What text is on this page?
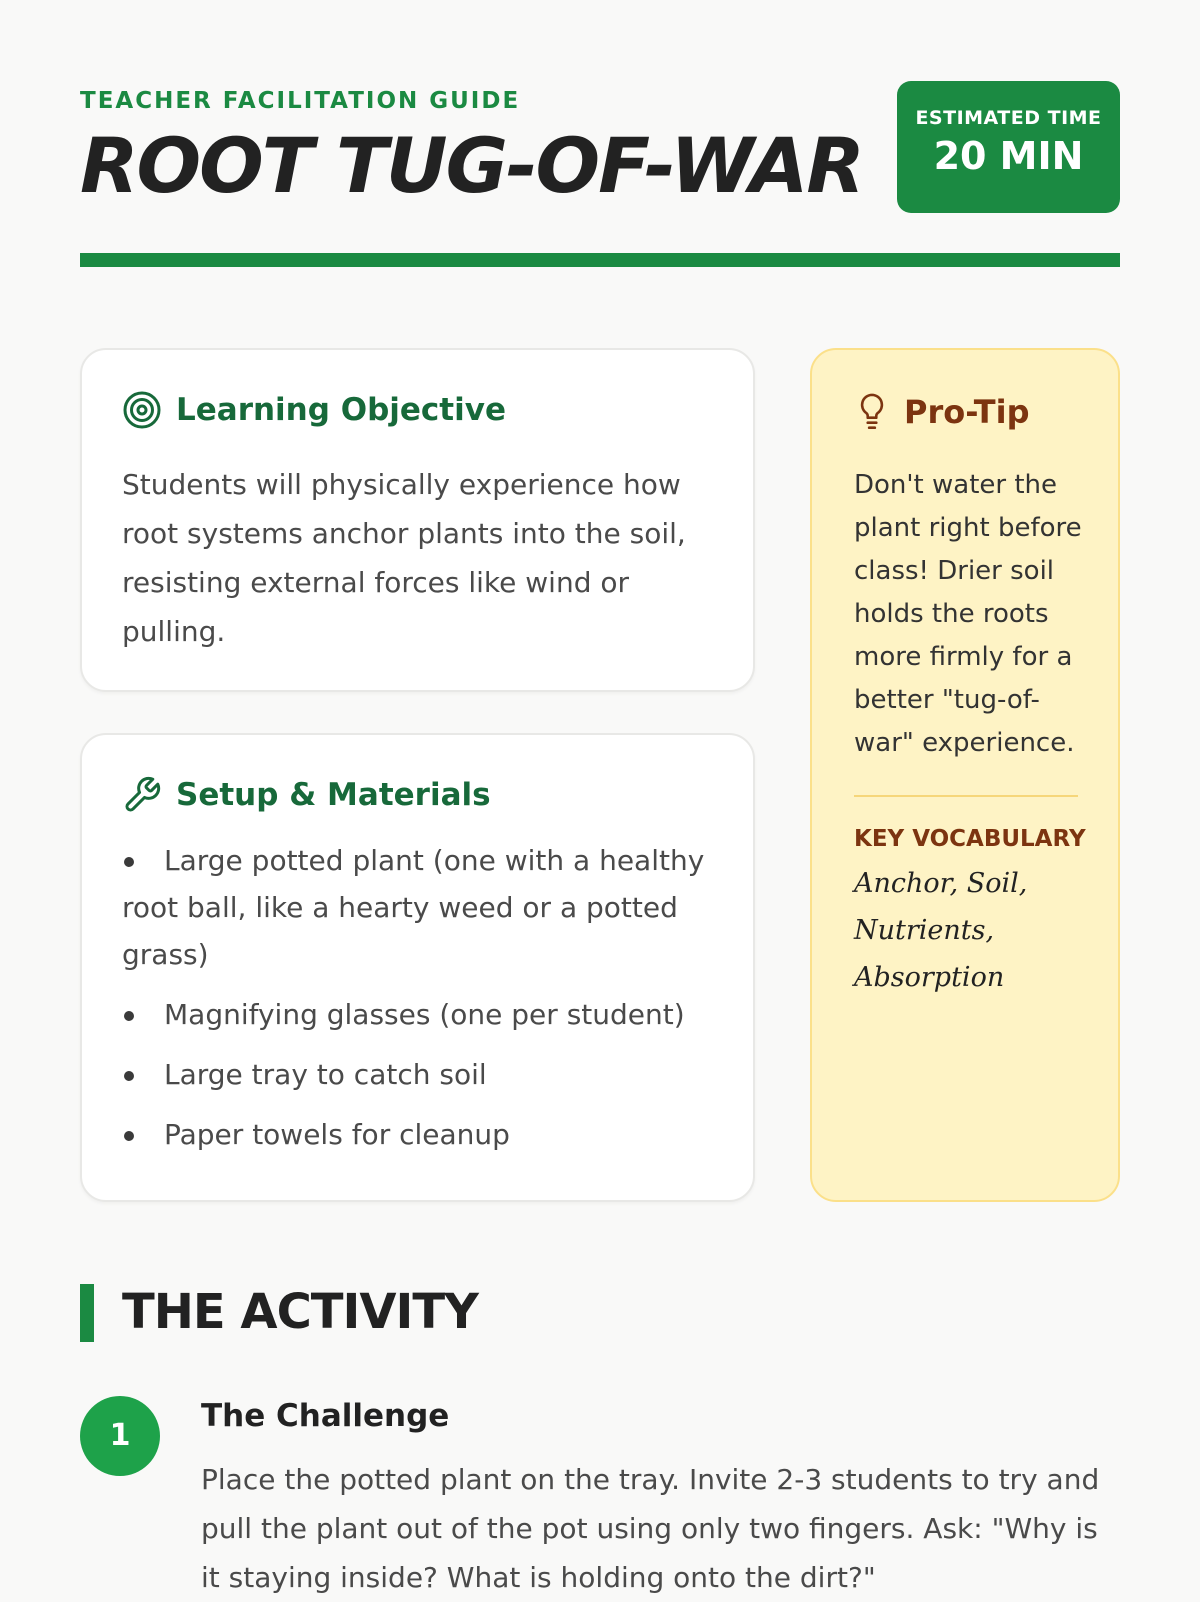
TEACHER FACILITATION GUIDE
ROOT TUG-OF-WAR
ESTIMATED TIME
20 MIN
Learning Objective

Students will physically experience how root systems anchor plants into the soil, resisting external forces like wind or pulling.

Setup & Materials
Large potted plant (one with a healthy root ball, like a hearty weed or a potted grass)
Magnifying glasses (one per student)
Large tray to catch soil
Paper towels for cleanup
Pro-Tip

Don't water the plant right before class! Drier soil holds the roots more firmly for a better "tug-of-war" experience.

KEY VOCABULARY

Anchor, Soil, Nutrients, Absorption

THE ACTIVITY
1
The Challenge

Place the potted plant on the tray. Invite 2-3 students to try and pull the plant out of the pot using only two fingers. Ask: "Why is it staying inside? What is holding onto the dirt?"
